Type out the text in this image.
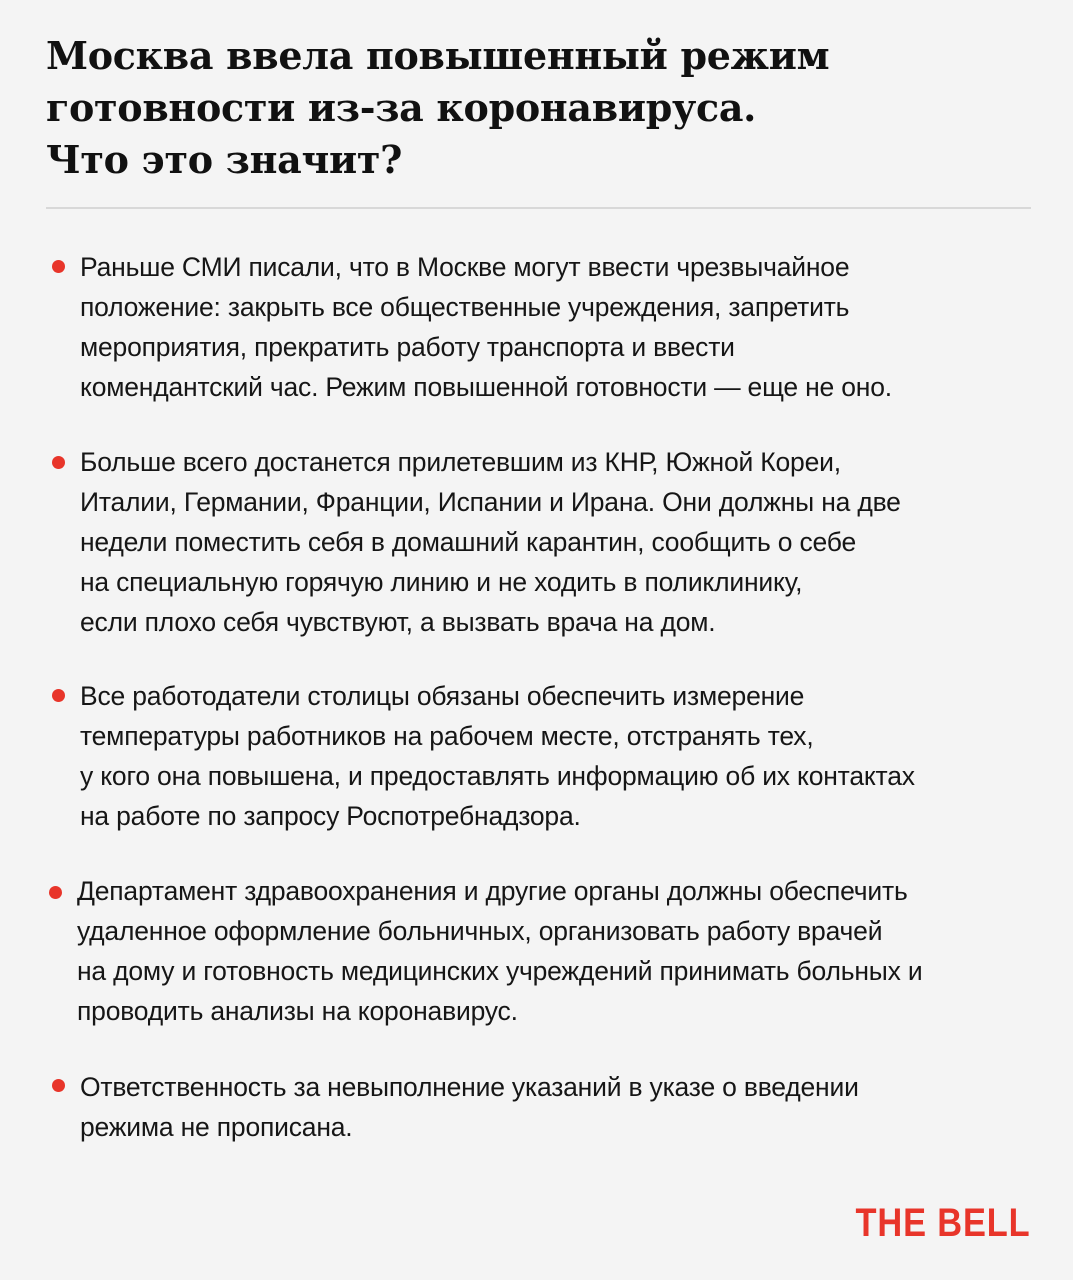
Москва ввела повышенный режим
готовности из-за коронавируса.
Что это значит?
Раньше СМИ писали, что в Москве могут ввести чрезвычайное
положение: закрыть все общественные учреждения, запретить
мероприятия, прекратить работу транспорта и ввести
комендантский час. Режим повышенной готовности — еще не оно.
Больше всего достанется прилетевшим из КНР, Южной Кореи,
Италии, Германии, Франции, Испании и Ирана. Они должны на две
недели поместить себя в домашний карантин, сообщить о себе
на специальную горячую линию и не ходить в поликлинику,
если плохо себя чувствуют, а вызвать врача на дом.
Все работодатели столицы обязаны обеспечить измерение
температуры работников на рабочем месте, отстранять тех,
у кого она повышена, и предоставлять информацию об их контактах
на работе по запросу Роспотребнадзора.
Департамент здравоохранения и другие органы должны обеспечить
удаленное оформление больничных, организовать работу врачей
на дому и готовность медицинских учреждений принимать больных и
проводить анализы на коронавирус.
Ответственность за невыполнение указаний в указе о введении
режима не прописана.
THE BELL
